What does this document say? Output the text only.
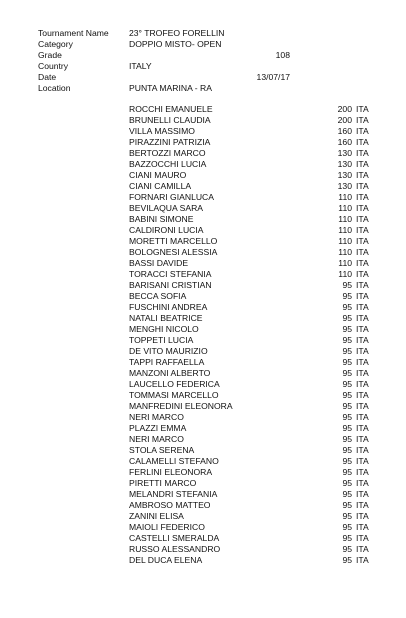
Tournament Name 23° TROFEO FORELLIN
Category	DOPPIO MISTO- OPEN
Grade	108
Country	ITALY
Date	13/07/17
Location	PUNTA MARINA - RA
ROCCHI EMANUELE	200 ITA
BRUNELLI CLAUDIA	200 ITA
VILLA MASSIMO	160 ITA
PIRAZZINI PATRIZIA	160 ITA
BERTOZZI MARCO	130 ITA
BAZZOCCHI LUCIA	130 ITA
CIANI MAURO	130 ITA
CIANI CAMILLA	130 ITA
FORNARI GIANLUCA	110 ITA
BEVILAQUA SARA	110 ITA
BABINI SIMONE	110 ITA
CALDIRONI LUCIA	110 ITA
MORETTI MARCELLO	110 ITA
BOLOGNESI ALESSIA	110 ITA
BASSI DAVIDE	110 ITA
TORACCI STEFANIA	110 ITA
BARISANI CRISTIAN	95 ITA
BECCA SOFIA	95 ITA
FUSCHINI ANDREA	95 ITA
NATALI BEATRICE	95 ITA
MENGHI NICOLO	95 ITA
TOPPETI LUCIA	95 ITA
DE VITO MAURIZIO	95 ITA
TAPPI RAFFAELLA	95 ITA
MANZONI ALBERTO	95 ITA
LAUCELLO FEDERICA	95 ITA
TOMMASI MARCELLO	95 ITA
MANFREDINI ELEONORA	95 ITA
NERI MARCO	95 ITA
PLAZZI EMMA	95 ITA
NERI MARCO	95 ITA
STOLA SERENA	95 ITA
CALAMELLI STEFANO	95 ITA
FERLINI ELEONORA	95 ITA
PIRETTI MARCO	95 ITA
MELANDRI STEFANIA	95 ITA
AMBROSO MATTEO	95 ITA
ZANINI ELISA	95 ITA
MAIOLI FEDERICO	95 ITA
CASTELLI SMERALDA	95 ITA
RUSSO ALESSANDRO	95 ITA
DEL DUCA ELENA	95 ITA
